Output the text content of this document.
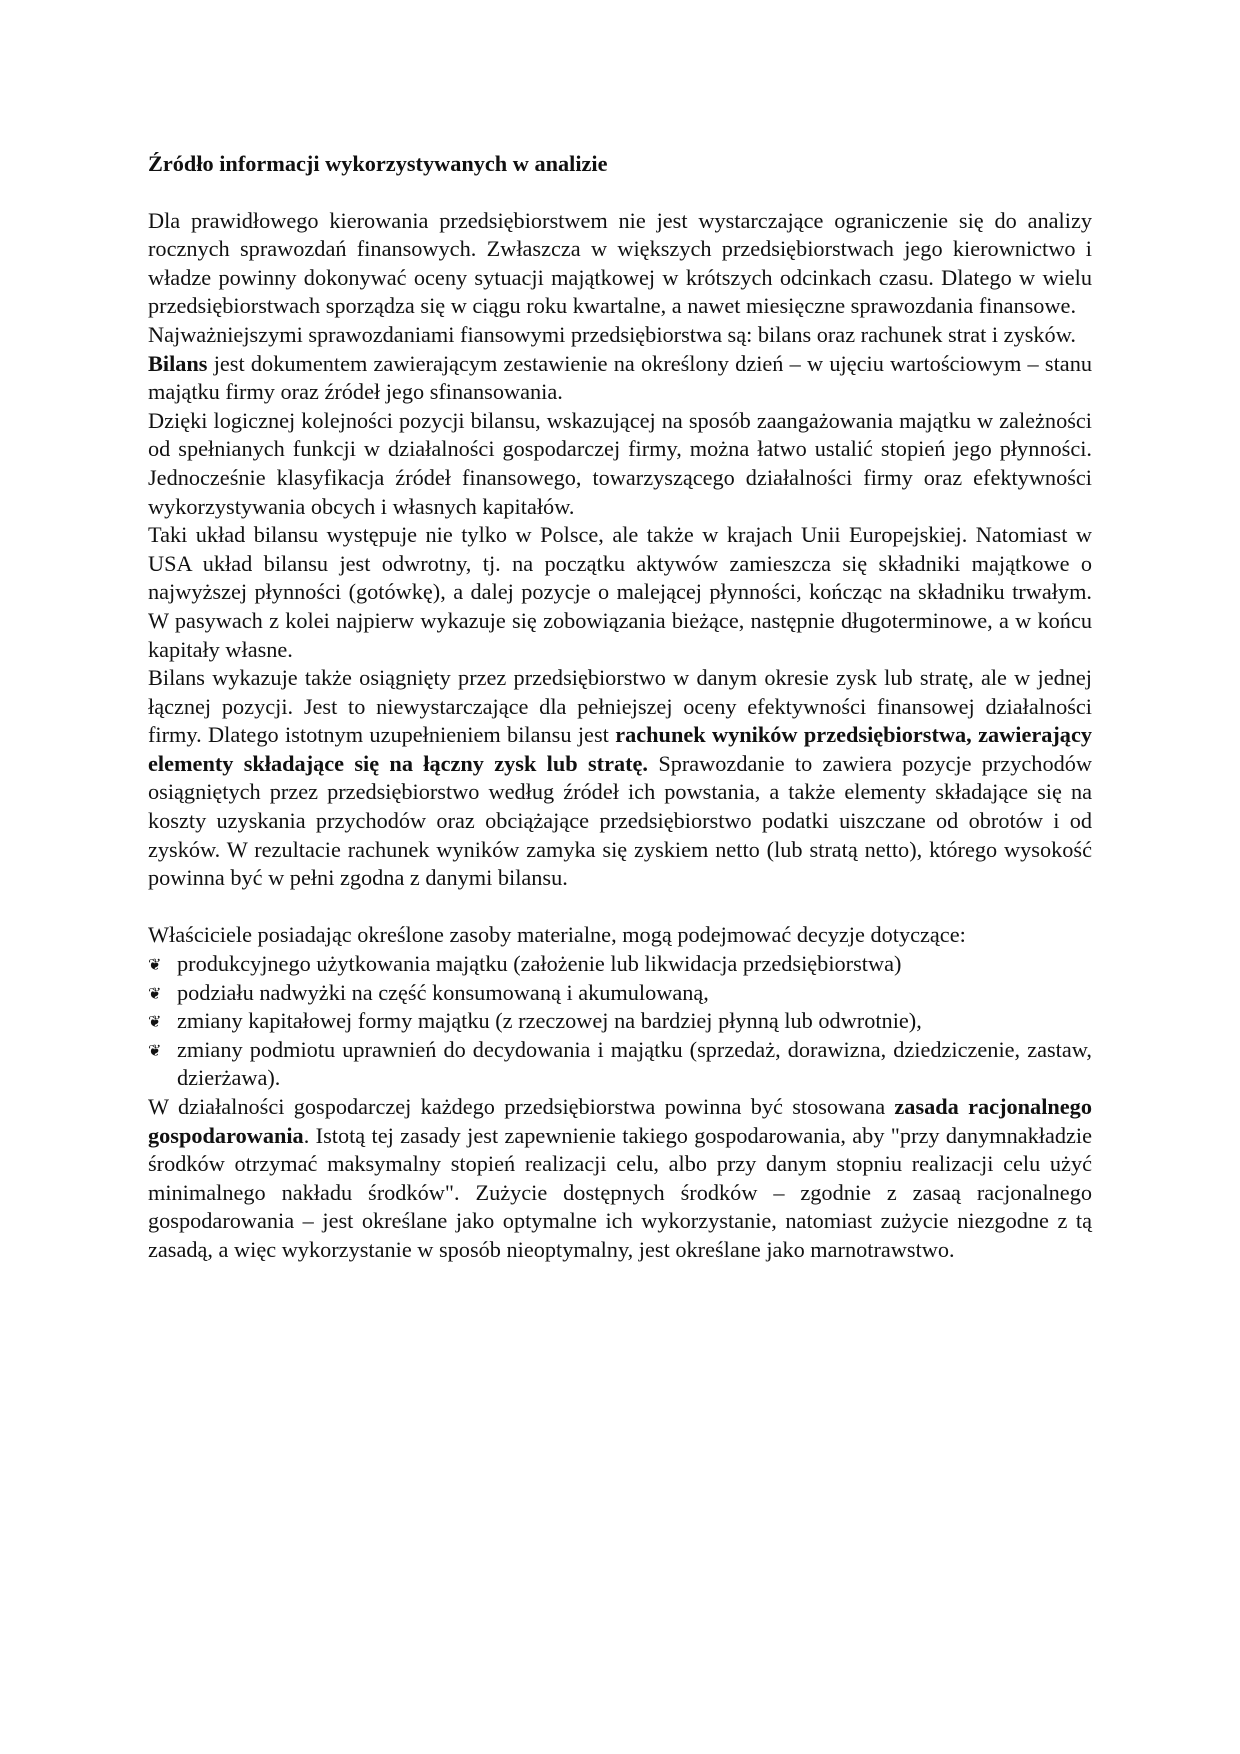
Źródło informacji wykorzystywanych w analizie

Dla prawidłowego kierowania przedsiębiorstwem nie jest wystarczające ograniczenie się do analizy rocznych sprawozdań finansowych. Zwłaszcza w większych przedsiębiorstwach jego kierownictwo i władze powinny dokonywać oceny sytuacji majątkowej w krótszych odcinkach czasu. Dlatego w wielu przedsiębiorstwach sporządza się w ciągu roku kwartalne, a nawet miesięczne sprawozdania finansowe.

Najważniejszymi sprawozdaniami fiansowymi przedsiębiorstwa są: bilans oraz rachunek strat i zysków.

Bilans jest dokumentem zawierającym zestawienie na określony dzień – w ujęciu wartościowym – stanu majątku firmy oraz źródeł jego sfinansowania.

Dzięki logicznej kolejności pozycji bilansu, wskazującej na sposób zaangażowania majątku w zależności od spełnianych funkcji w działalności gospodarczej firmy, można łatwo ustalić stopień jego płynności. Jednocześnie klasyfikacja źródeł finansowego, towarzyszącego działalności firmy oraz efektywności wykorzystywania obcych i własnych kapitałów.

Taki układ bilansu występuje nie tylko w Polsce, ale także w krajach Unii Europejskiej. Natomiast w USA układ bilansu jest odwrotny, tj. na początku aktywów zamieszcza się składniki majątkowe o najwyższej płynności (gotówkę), a dalej pozycje o malejącej płynności, kończąc na składniku trwałym. W pasywach z kolei najpierw wykazuje się zobowiązania bieżące, następnie długoterminowe, a w końcu kapitały własne.

Bilans wykazuje także osiągnięty przez przedsiębiorstwo w danym okresie zysk lub stratę, ale w jednej łącznej pozycji. Jest to niewystarczające dla pełniejszej oceny efektywności finansowej działalności firmy. Dlatego istotnym uzupełnieniem bilansu jest rachunek wyników przedsiębiorstwa, zawierający elementy składające się na łączny zysk lub stratę. Sprawozdanie to zawiera pozycje przychodów osiągniętych przez przedsiębiorstwo według źródeł ich powstania, a także elementy składające się na koszty uzyskania przychodów oraz obciążające przedsiębiorstwo podatki uiszczane od obrotów i od zysków. W rezultacie rachunek wyników zamyka się zyskiem netto (lub stratą netto), którego wysokość powinna być w pełni zgodna z danymi bilansu.

Właściciele posiadając określone zasoby materialne, mogą podejmować decyzje dotyczące:

❦ produkcyjnego użytkowania majątku (założenie lub likwidacja przedsiębiorstwa)
❦ podziału nadwyżki na część konsumowaną i akumulowaną,
❦ zmiany kapitałowej formy majątku (z rzeczowej na bardziej płynną lub odwrotnie),
❦ zmiany podmiotu uprawnień do decydowania i majątku (sprzedaż, dorawizna, dziedziczenie, zastaw, dzierżawa).

W działalności gospodarczej każdego przedsiębiorstwa powinna być stosowana zasada racjonalnego gospodarowania. Istotą tej zasady jest zapewnienie takiego gospodarowania, aby "przy danymnakładzie środków otrzymać maksymalny stopień realizacji celu, albo przy danym stopniu realizacji celu użyć minimalnego nakładu środków". Zużycie dostępnych środków – zgodnie z zasaą racjonalnego gospodarowania – jest określane jako optymalne ich wykorzystanie, natomiast zużycie niezgodne z tą zasadą, a więc wykorzystanie w sposób nieoptymalny, jest określane jako marnotrawstwo.
